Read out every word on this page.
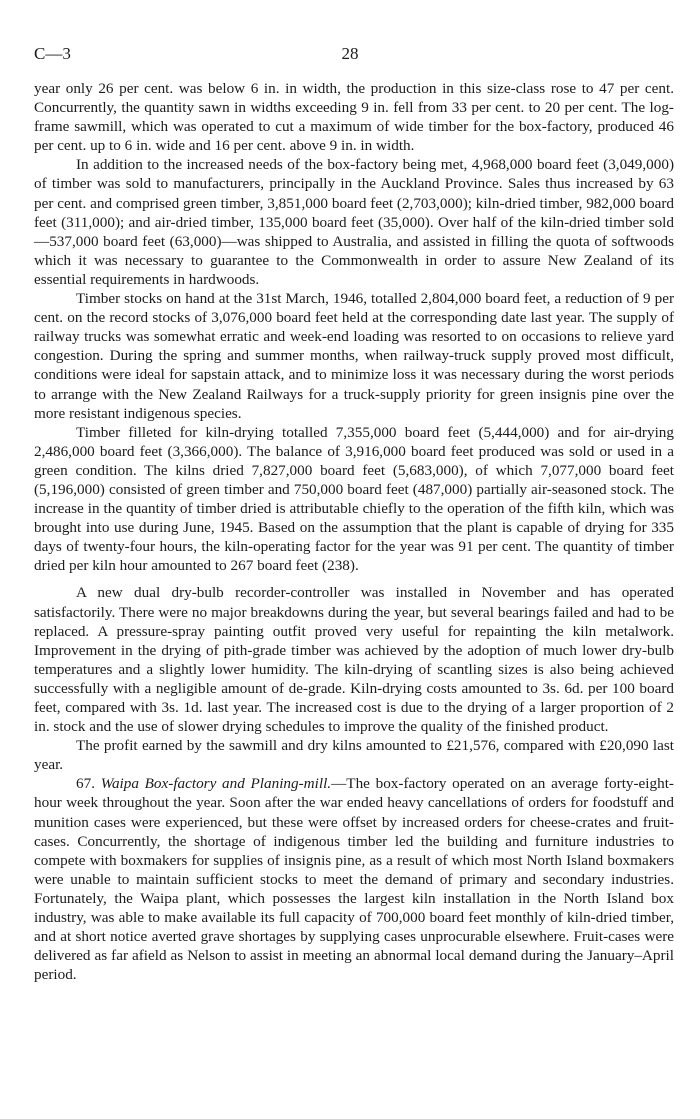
C—3	28

year only 26 per cent. was below 6 in. in width, the production in this size-class rose to 47 per cent. Concurrently, the quantity sawn in widths exceeding 9 in. fell from 33 per cent. to 20 per cent. The log-frame sawmill, which was operated to cut a maximum of wide timber for the box-factory, produced 46 per cent. up to 6 in. wide and 16 per cent. above 9 in. in width.

In addition to the increased needs of the box-factory being met, 4,968,000 board feet (3,049,000) of timber was sold to manufacturers, principally in the Auckland Province. Sales thus increased by 63 per cent. and comprised green timber, 3,851,000 board feet (2,703,000); kiln-dried timber, 982,000 board feet (311,000); and air-dried timber, 135,000 board feet (35,000). Over half of the kiln-dried timber sold—537,000 board feet (63,000)—was shipped to Australia, and assisted in filling the quota of softwoods which it was necessary to guarantee to the Commonwealth in order to assure New Zealand of its essential requirements in hardwoods.

Timber stocks on hand at the 31st March, 1946, totalled 2,804,000 board feet, a reduction of 9 per cent. on the record stocks of 3,076,000 board feet held at the corresponding date last year. The supply of railway trucks was somewhat erratic and week-end loading was resorted to on occasions to relieve yard congestion. During the spring and summer months, when railway-truck supply proved most difficult, conditions were ideal for sapstain attack, and to minimize loss it was necessary during the worst periods to arrange with the New Zealand Railways for a truck-supply priority for green insignis pine over the more resistant indigenous species.

Timber filleted for kiln-drying totalled 7,355,000 board feet (5,444,000) and for air-drying 2,486,000 board feet (3,366,000). The balance of 3,916,000 board feet produced was sold or used in a green condition. The kilns dried 7,827,000 board feet (5,683,000), of which 7,077,000 board feet (5,196,000) consisted of green timber and 750,000 board feet (487,000) partially air-seasoned stock. The increase in the quantity of timber dried is attributable chiefly to the operation of the fifth kiln, which was brought into use during June, 1945. Based on the assumption that the plant is capable of drying for 335 days of twenty-four hours, the kiln-operating factor for the year was 91 per cent. The quantity of timber dried per kiln hour amounted to 267 board feet (238).

A new dual dry-bulb recorder-controller was installed in November and has operated satisfactorily. There were no major breakdowns during the year, but several bearings failed and had to be replaced. A pressure-spray painting outfit proved very useful for repainting the kiln metalwork. Improvement in the drying of pith-grade timber was achieved by the adoption of much lower dry-bulb temperatures and a slightly lower humidity. The kiln-drying of scantling sizes is also being achieved successfully with a negligible amount of de-grade. Kiln-drying costs amounted to 3s. 6d. per 100 board feet, compared with 3s. 1d. last year. The increased cost is due to the drying of a larger proportion of 2 in. stock and the use of slower drying schedules to improve the quality of the finished product.

The profit earned by the sawmill and dry kilns amounted to £21,576, compared with £20,090 last year.

67. Waipa Box-factory and Planing-mill.—The box-factory operated on an average forty-eight-hour week throughout the year. Soon after the war ended heavy cancellations of orders for foodstuff and munition cases were experienced, but these were offset by increased orders for cheese-crates and fruit-cases. Concurrently, the shortage of indigenous timber led the building and furniture industries to compete with boxmakers for supplies of insignis pine, as a result of which most North Island boxmakers were unable to maintain sufficient stocks to meet the demand of primary and secondary industries. Fortunately, the Waipa plant, which possesses the largest kiln installation in the North Island box industry, was able to make available its full capacity of 700,000 board feet monthly of kiln-dried timber, and at short notice averted grave shortages by supplying cases unprocurable elsewhere. Fruit-cases were delivered as far afield as Nelson to assist in meeting an abnormal local demand during the January–April period.
